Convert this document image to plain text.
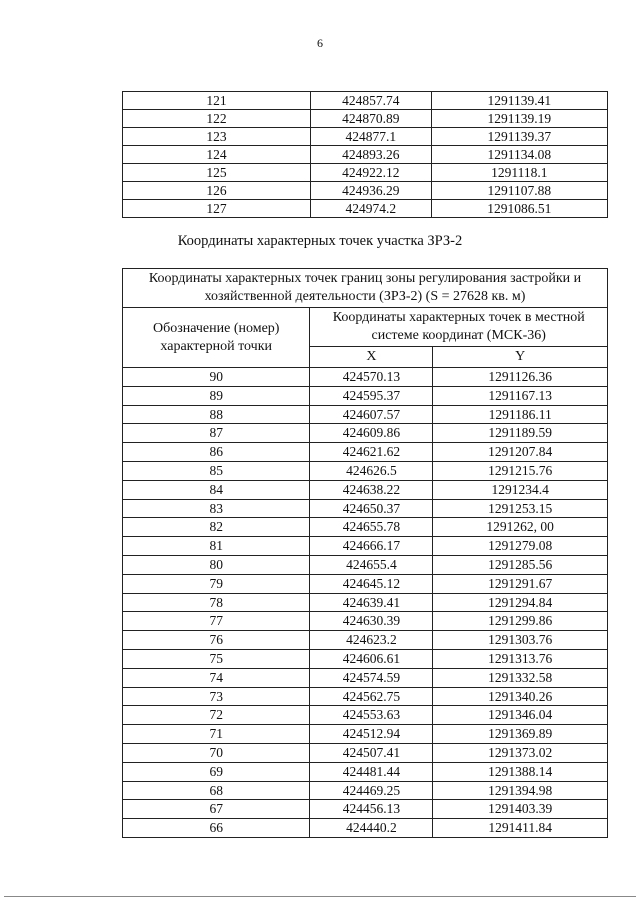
6
121	424857.74	1291139.41
122	424870.89	1291139.19
123	424877.1	1291139.37
124	424893.26	1291134.08
125	424922.12	1291118.1
126	424936.29	1291107.88
127	424974.2	1291086.51
Координаты характерных точек участка ЗРЗ-2
Координаты характерных точек границ зоны регулирования застройки и
хозяйственной деятельности (ЗРЗ-2) (S = 27628 кв. м)		
Обозначение (номер)
характерной точки	Координаты характерных точек в местной
системе координат (МСК-36)	
	X	Y
90	424570.13	1291126.36
89	424595.37	1291167.13
88	424607.57	1291186.11
87	424609.86	1291189.59
86	424621.62	1291207.84
85	424626.5	1291215.76
84	424638.22	1291234.4
83	424650.37	1291253.15
82	424655.78	1291262, 00
81	424666.17	1291279.08
80	424655.4	1291285.56
79	424645.12	1291291.67
78	424639.41	1291294.84
77	424630.39	1291299.86
76	424623.2	1291303.76
75	424606.61	1291313.76
74	424574.59	1291332.58
73	424562.75	1291340.26
72	424553.63	1291346.04
71	424512.94	1291369.89
70	424507.41	1291373.02
69	424481.44	1291388.14
68	424469.25	1291394.98
67	424456.13	1291403.39
66	424440.2	1291411.84
